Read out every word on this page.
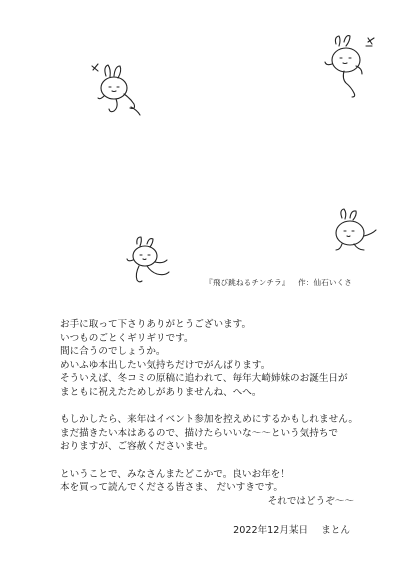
『飛び跳ねるチンチラ』 作：仙石いくさ
お手に取って下さりありがとうございます。
いつものごとくギリギリです。
間に合うのでしょうか。
めいふゆ本出したい気持ちだけでがんばります。
そういえば、冬コミの原稿に追われて、毎年大崎姉妹のお誕生日が
まともに祝えたためしがありませんね、へへ。
もしかしたら、来年はイベント参加を控えめにするかもしれません。
まだ描きたい本はあるので、描けたらいいな〜〜という気持ちで
おりますが、ご容赦くださいませ。
ということで、みなさんまたどこかで。良いお年を！
本を買って読んでくださる皆さま、 だいすきです。
それではどうぞ〜〜
2022年12月某日 まとん
